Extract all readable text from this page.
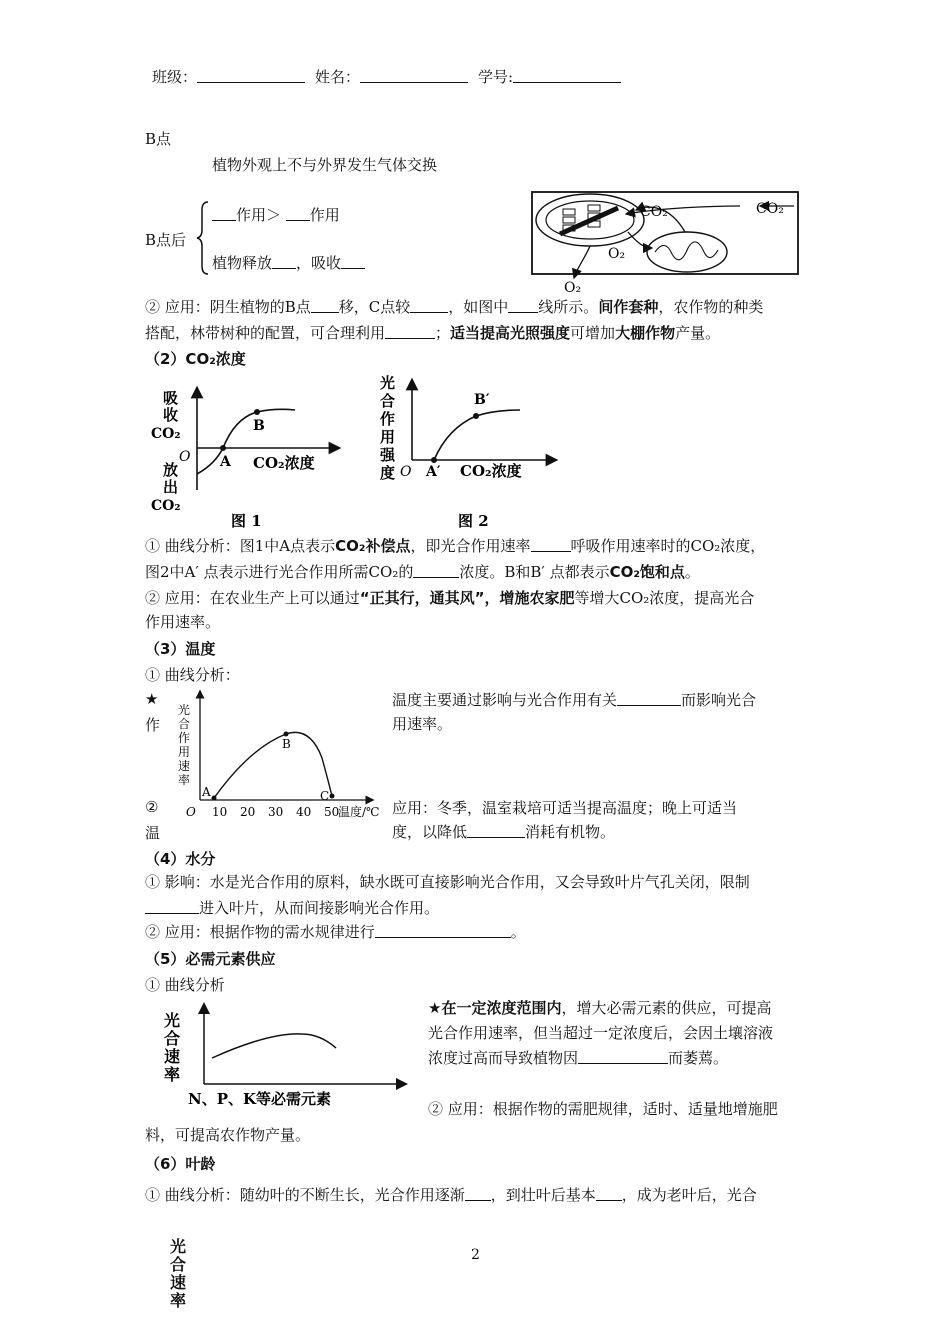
班级：	姓名：	学号:
B点
植物外观上不与外界发生气体交换
B点后
作用＞ 作用
植物释放 ，吸收
CO₂	CO₂
O₂
O₂
② 应用：阴生植物的B点 移，C点较	，如图中 线所示。间作套种，农作物的种类
搭配，林带树种的配置，可合理利用	；适当提高光照强度可增加大棚作物产量。
（2）CO₂浓度
吸
收
CO₂
O
放
出
CO₂
A
B
CO₂浓度
图 1
光
合
作
用
强
度 O A′
B′
CO₂浓度
图 2
① 曲线分析：图1中A点表示CO₂补偿点，即光合作用速率	呼吸作用速率时的CO₂浓度，
图2中A′ 点表示进行光合作用所需CO₂的	浓度。B和B′ 点都表示CO₂饱和点。
② 应用：在农业生产上可以通过“正其行，通其风”，增施农家肥等增大CO₂浓度，提高光合
作用速率。
（3）温度
① 曲线分析：
★
作
②
温
光
合
作
用
速
率
A
B
C
O 10 20 30 40 50
温度/℃
温度主要通过影响与光合作用有关	而影响光合
用速率。
应用：冬季，温室栽培可适当提高温度；晚上可适当
度，以降低	消耗有机物。
（4）水分
① 影响：水是光合作用的原料，缺水既可直接影响光合作用，又会导致叶片气孔关闭，限制
进入叶片，从而间接影响光合作用。
② 应用：根据作物的需水规律进行	。
（5）必需元素供应
① 曲线分析
光
合
速
率
N、P、K等必需元素
★在一定浓度范围内，增大必需元素的供应，可提高
光合作用速率，但当超过一定浓度后，会因土壤溶液
浓度过高而导致植物因	而萎蔫。
② 应用：根据作物的需肥规律，适时、适量地增施肥
料，可提高农作物产量。
（6）叶龄
① 曲线分析：随幼叶的不断生长，光合作用逐渐 ，到壮叶后基本 ，成为老叶后，光合
光合速率
2
